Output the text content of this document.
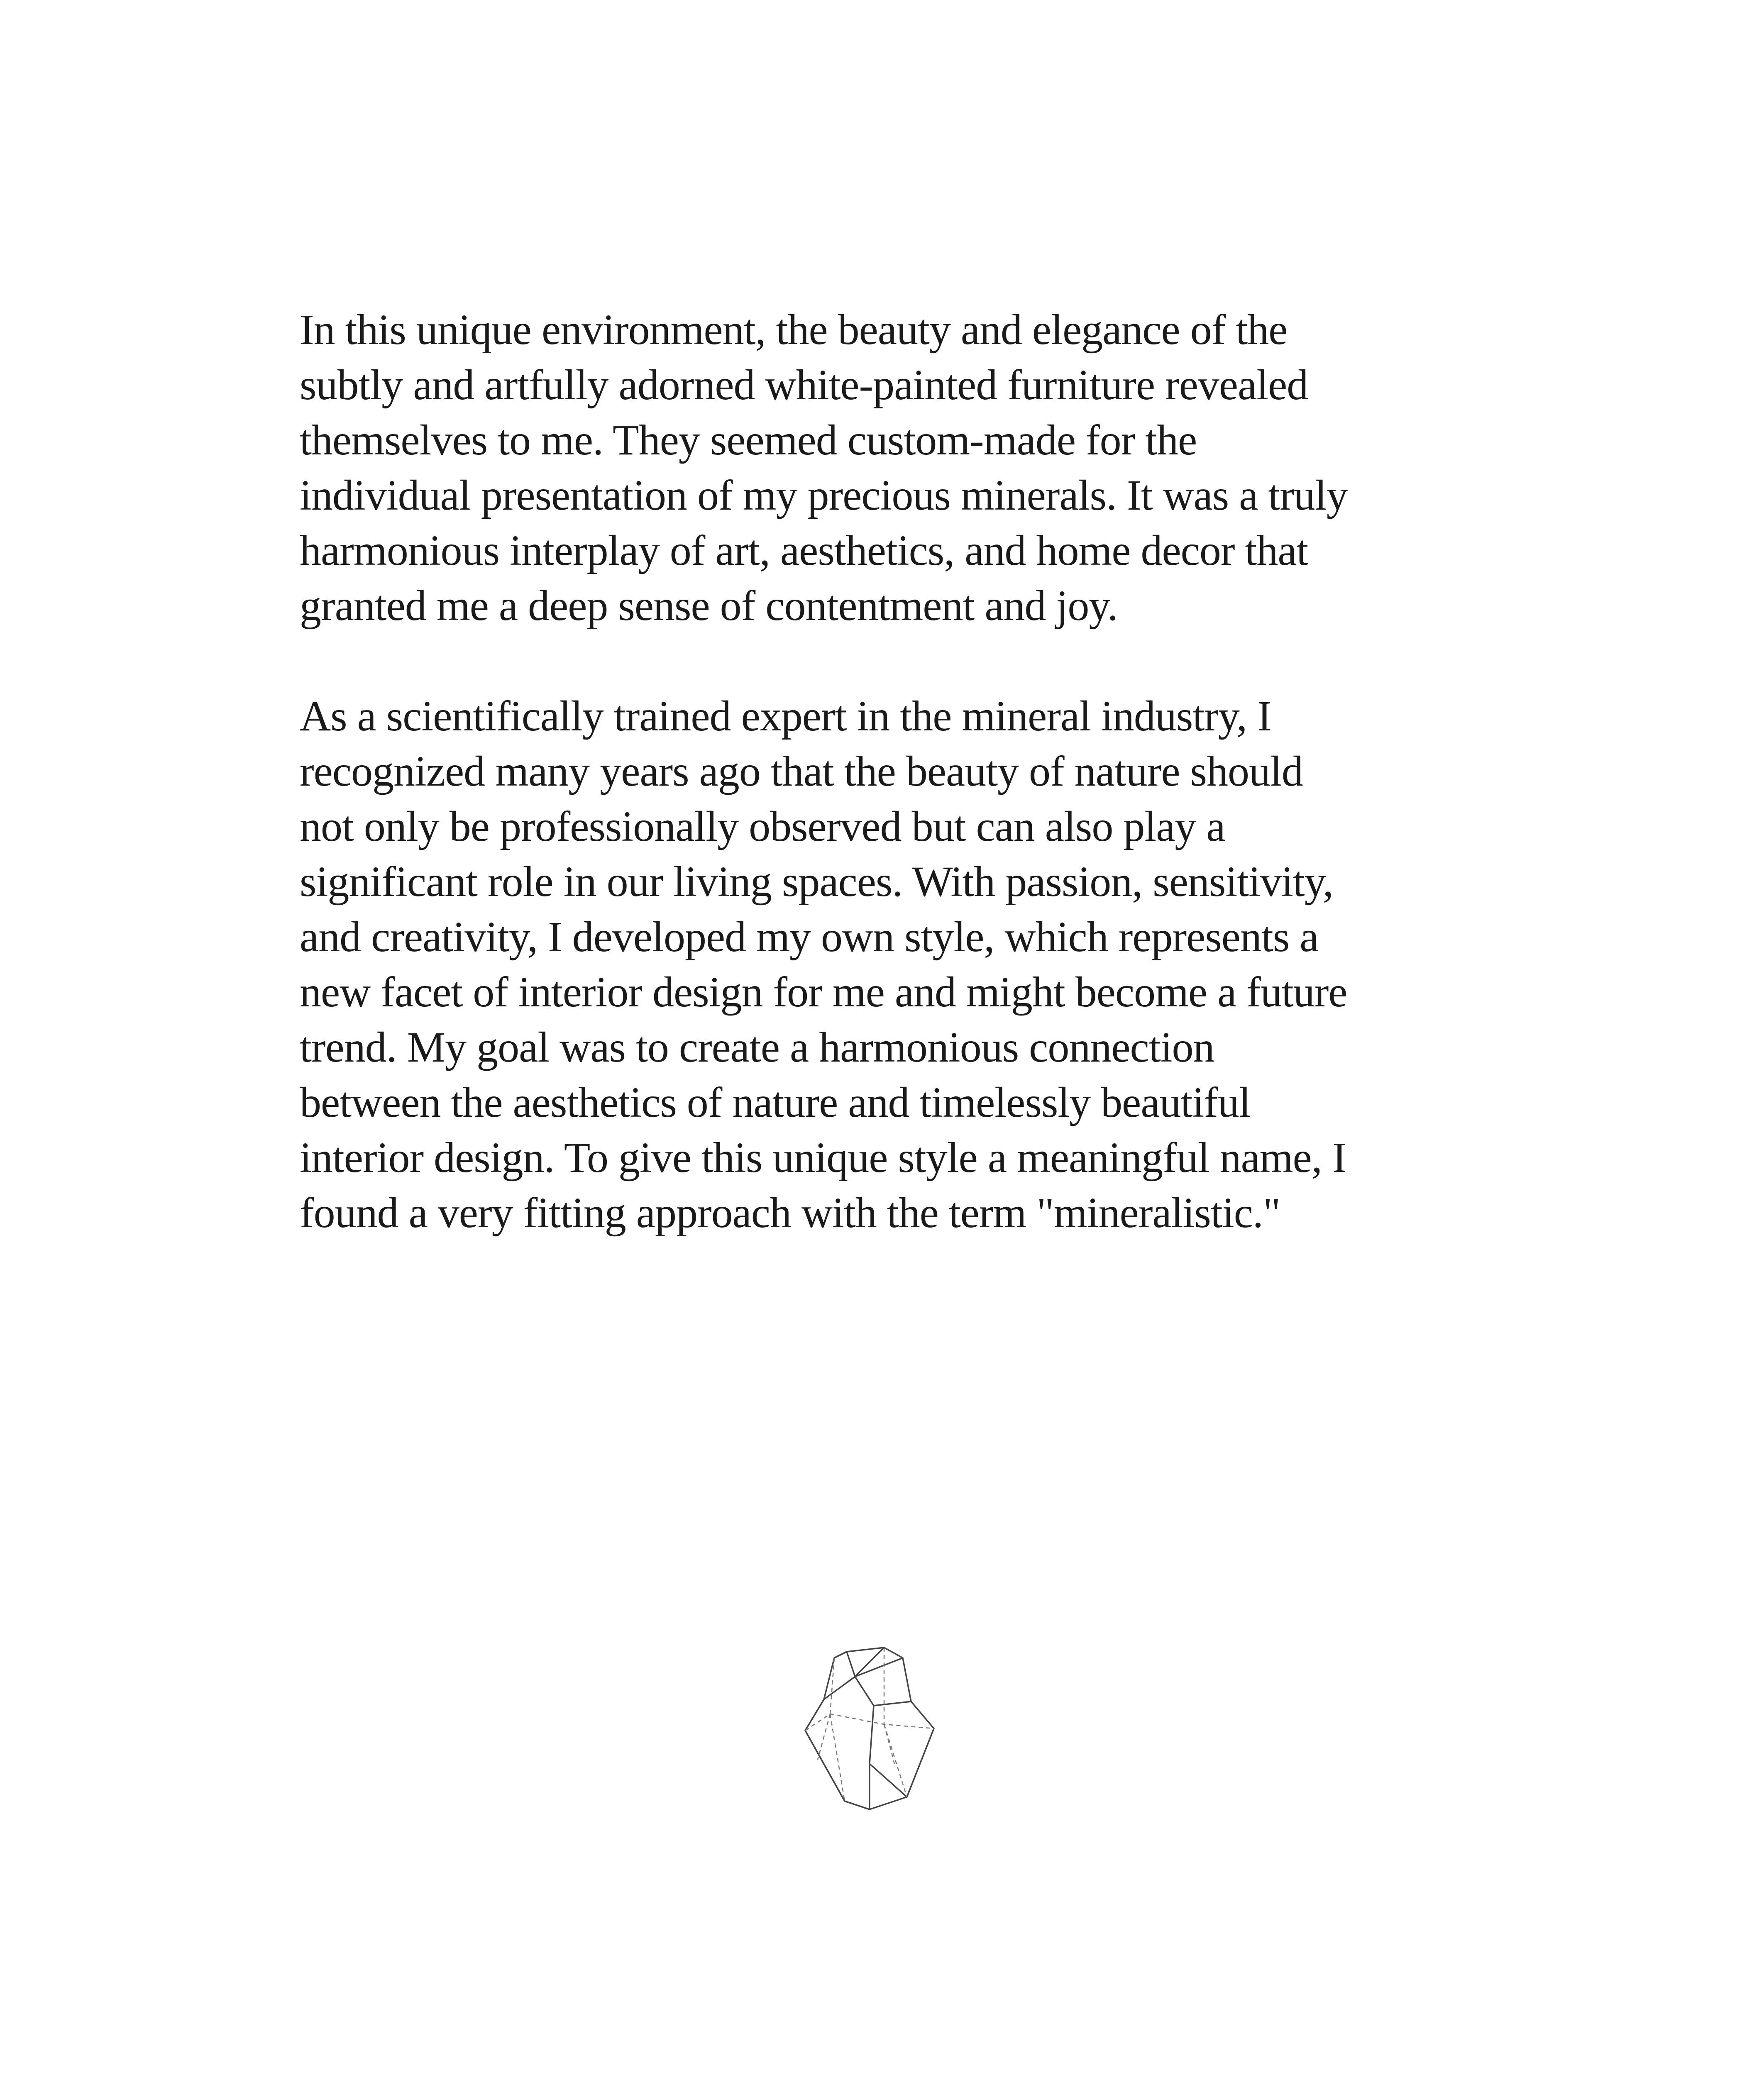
In this unique environment, the beauty and elegance of the
subtly and artfully adorned white-painted furniture revealed
themselves to me. They seemed custom-made for the
individual presentation of my precious minerals. It was a truly
harmonious interplay of art, aesthetics, and home decor that
granted me a deep sense of contentment and joy.

As a scientifically trained expert in the mineral industry, I
recognized many years ago that the beauty of nature should
not only be professionally observed but can also play a
significant role in our living spaces. With passion, sensitivity,
and creativity, I developed my own style, which represents a
new facet of interior design for me and might become a future
trend. My goal was to create a harmonious connection
between the aesthetics of nature and timelessly beautiful
interior design. To give this unique style a meaningful name, I
found a very fitting approach with the term "mineralistic."
